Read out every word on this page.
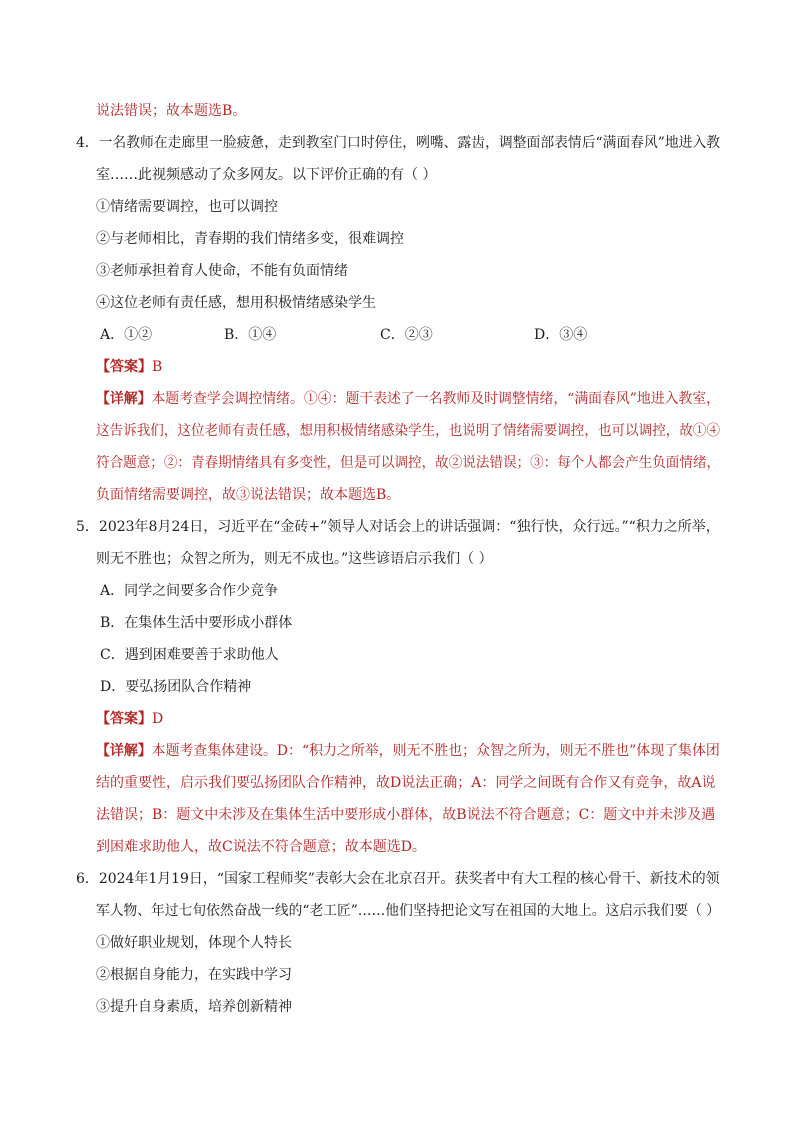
说法错误；故本题选B。
4．一名教师在走廊里一脸疲惫，走到教室门口时停住，咧嘴、露齿，调整面部表情后“满面春风”地进入教
室……此视频感动了众多网友。以下评价正确的有（ ）
①情绪需要调控，也可以调控
②与老师相比，青春期的我们情绪多变，很难调控
③老师承担着育人使命，不能有负面情绪
④这位老师有责任感，想用积极情绪感染学生
A．①②	B．①④	C．②③	D．③④
【答案】B
【详解】本题考查学会调控情绪。①④：题干表述了一名教师及时调整情绪，“满面春风”地进入教室，
这告诉我们，这位老师有责任感，想用积极情绪感染学生，也说明了情绪需要调控，也可以调控，故①④
符合题意；②：青春期情绪具有多变性，但是可以调控，故②说法错误；③：每个人都会产生负面情绪，
负面情绪需要调控，故③说法错误；故本题选B。
5．2023年8月24日，习近平在“金砖+”领导人对话会上的讲话强调：“独行快，众行远。”“积力之所举，
则无不胜也；众智之所为，则无不成也。”这些谚语启示我们（ ）
A．同学之间要多合作少竞争
B．在集体生活中要形成小群体
C．遇到困难要善于求助他人
D．要弘扬团队合作精神
【答案】D
【详解】本题考查集体建设。D：“积力之所举，则无不胜也；众智之所为，则无不胜也”体现了集体团
结的重要性，启示我们要弘扬团队合作精神，故D说法正确；A：同学之间既有合作又有竞争，故A说
法错误；B：题文中未涉及在集体生活中要形成小群体，故B说法不符合题意；C：题文中并未涉及遇
到困难求助他人，故C说法不符合题意；故本题选D。
6．2024年1月19日，“国家工程师奖”表彰大会在北京召开。获奖者中有大工程的核心骨干、新技术的领
军人物、年过七旬依然奋战一线的“老工匠”……他们坚持把论文写在祖国的大地上。这启示我们要（ ）
①做好职业规划，体现个人特长
②根据自身能力，在实践中学习
③提升自身素质，培养创新精神
